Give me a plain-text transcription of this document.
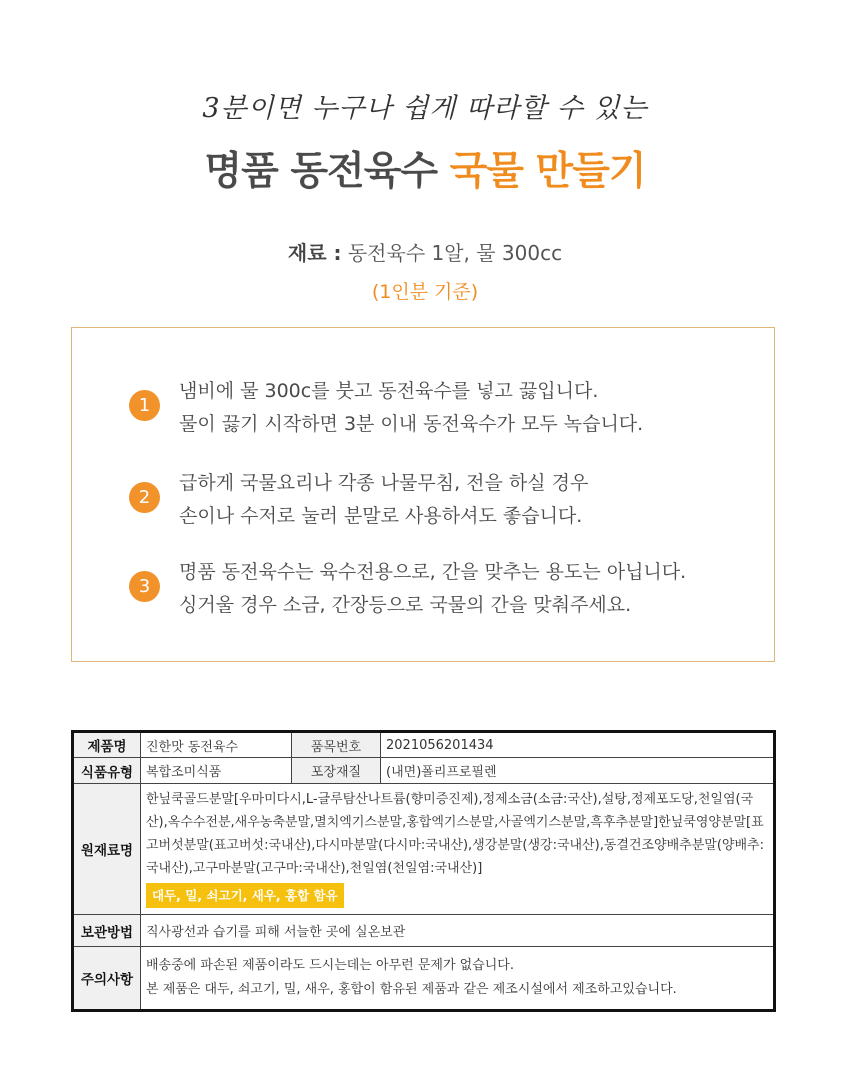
3분이면 누구나 쉽게 따라할 수 있는
명품 동전육수 국물 만들기
재료 : 동전육수 1알, 물 300cc
(1인분 기준)
1
냄비에 물 300c를 붓고 동전육수를 넣고 끓입니다.
물이 끓기 시작하면 3분 이내 동전육수가 모두 녹습니다.
2
급하게 국물요리나 각종 나물무침, 전을 하실 경우
손이나 수저로 눌러 분말로 사용하셔도 좋습니다.
3
명품 동전육수는 육수전용으로, 간을 맞추는 용도는 아닙니다.
싱거울 경우 소금, 간장등으로 국물의 간을 맞춰주세요.
제품명	진한맛 동전육수	품목번호	2021056201434
식품유형	복합조미식품	포장재질	(내면)폴리프로필렌
원재료명	한닢쿡골드분말[우마미다시,L-글루탐산나트륨(향미증진제),정제소금(소금:국산),설탕,정제포도당,천일염(국산),옥수수전분,새우농축분말,멸치엑기스분말,홍합엑기스분말,사골엑기스분말,흑후추분말]한닢쿡영양분말[표고버섯분말(표고버섯:국내산),다시마분말(다시마:국내산),생강분말(생강:국내산),동결건조양배추분말(양배추:국내산),고구마분말(고구마:국내산),천일염(천일염:국내산)]
대두, 밀, 쇠고기, 새우, 홍합 함유		
보관방법	직사광선과 습기를 피해 서늘한 곳에 실온보관		
주의사항	배송중에 파손된 제품이라도 드시는데는 아무런 문제가 없습니다.
본 제품은 대두, 쇠고기, 밀, 새우, 홍합이 함유된 제품과 같은 제조시설에서 제조하고있습니다.		
